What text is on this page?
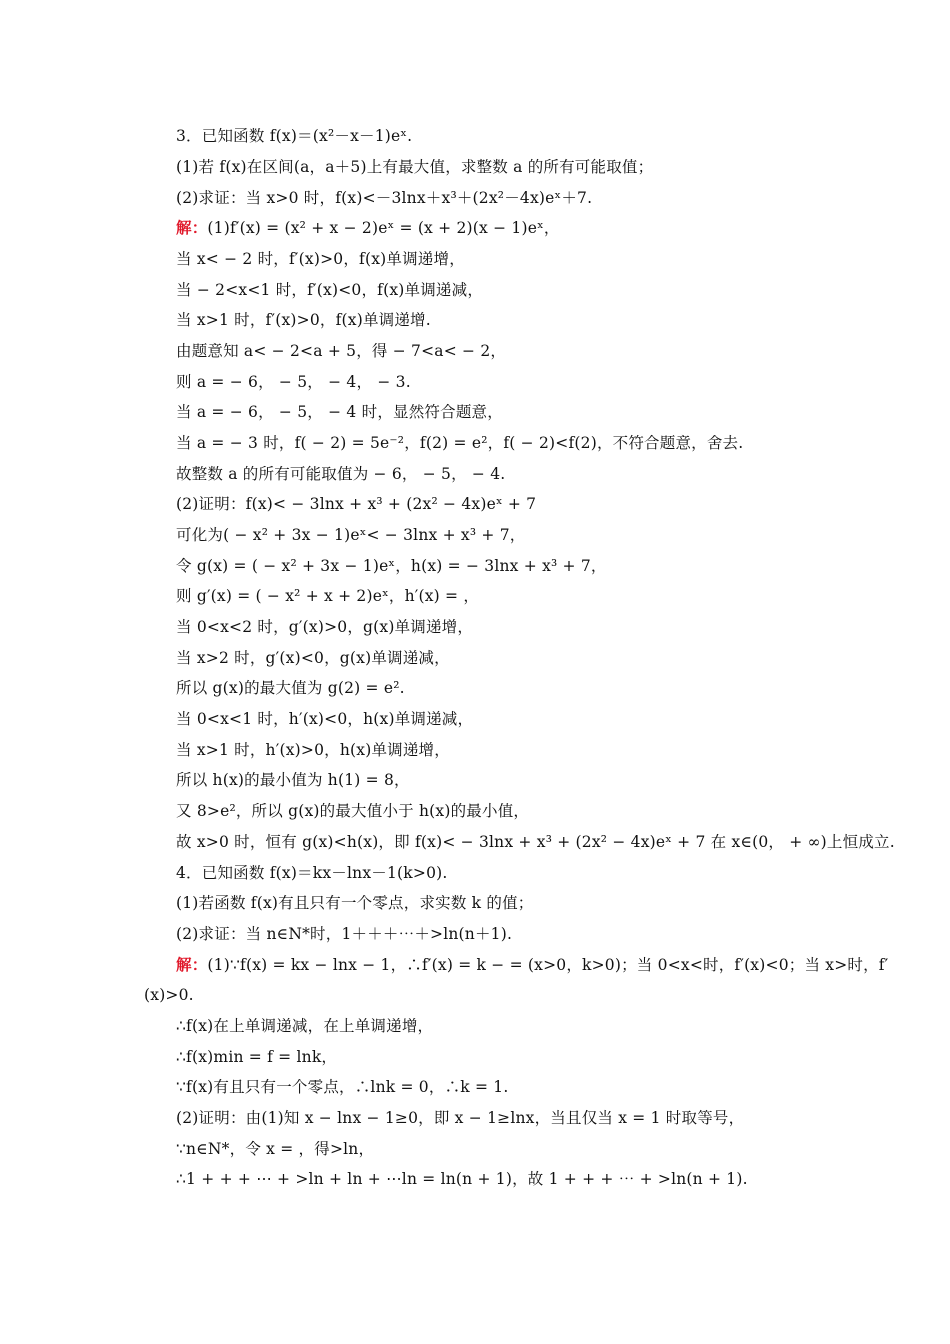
3．已知函数 f(x)＝(x²－x－1)eˣ.
(1)若 f(x)在区间(a，a＋5)上有最大值，求整数 a 的所有可能取值；
(2)求证：当 x>0 时，f(x)<－3lnx＋x³＋(2x²－4x)eˣ＋7.
解：(1)f′(x) = (x² + x − 2)eˣ = (x + 2)(x − 1)eˣ，
当 x< − 2 时，f′(x)>0，f(x)单调递增，
当 − 2<x<1 时，f′(x)<0，f(x)单调递减，
当 x>1 时，f′(x)>0，f(x)单调递增.
由题意知 a< − 2<a + 5，得 − 7<a< − 2，
则 a = − 6， − 5， − 4， − 3.
当 a = − 6， − 5， − 4 时，显然符合题意，
当 a = − 3 时，f( − 2) = 5e⁻²，f(2) = e²，f( − 2)<f(2)，不符合题意，舍去.
故整数 a 的所有可能取值为 − 6， − 5， − 4.
(2)证明：f(x)< − 3lnx + x³ + (2x² − 4x)eˣ + 7
可化为( − x² + 3x − 1)eˣ< − 3lnx + x³ + 7，
令 g(x) = ( − x² + 3x − 1)eˣ，h(x) = − 3lnx + x³ + 7，
则 g′(x) = ( − x² + x + 2)eˣ，h′(x) = ，
当 0<x<2 时，g′(x)>0，g(x)单调递增，
当 x>2 时，g′(x)<0，g(x)单调递减，
所以 g(x)的最大值为 g(2) = e².
当 0<x<1 时，h′(x)<0，h(x)单调递减，
当 x>1 时，h′(x)>0，h(x)单调递增，
所以 h(x)的最小值为 h(1) = 8，
又 8>e²，所以 g(x)的最大值小于 h(x)的最小值，
故 x>0 时，恒有 g(x)<h(x)，即 f(x)< − 3lnx + x³ + (2x² − 4x)eˣ + 7 在 x∈(0， + ∞)上恒成立.
4．已知函数 f(x)＝kx－lnx－1(k>0).
(1)若函数 f(x)有且只有一个零点，求实数 k 的值；
(2)求证：当 n∈N*时，1＋＋＋⋯＋>ln(n＋1).
解：(1)∵f(x) = kx − lnx − 1，∴f′(x) = k − = (x>0，k>0)；当 0<x<时，f′(x)<0；当 x>时，f′
(x)>0.
∴f(x)在上单调递减，在上单调递增，
∴f(x)min = f = lnk，
∵f(x)有且只有一个零点，∴lnk = 0，∴k = 1.
(2)证明：由(1)知 x − lnx − 1≥0，即 x − 1≥lnx，当且仅当 x = 1 时取等号，
∵n∈N*，令 x = ，得>ln，
∴1 + + + ⋯ + >ln + ln + ⋯ln = ln(n + 1)，故 1 + + + ⋯ + >ln(n + 1).
